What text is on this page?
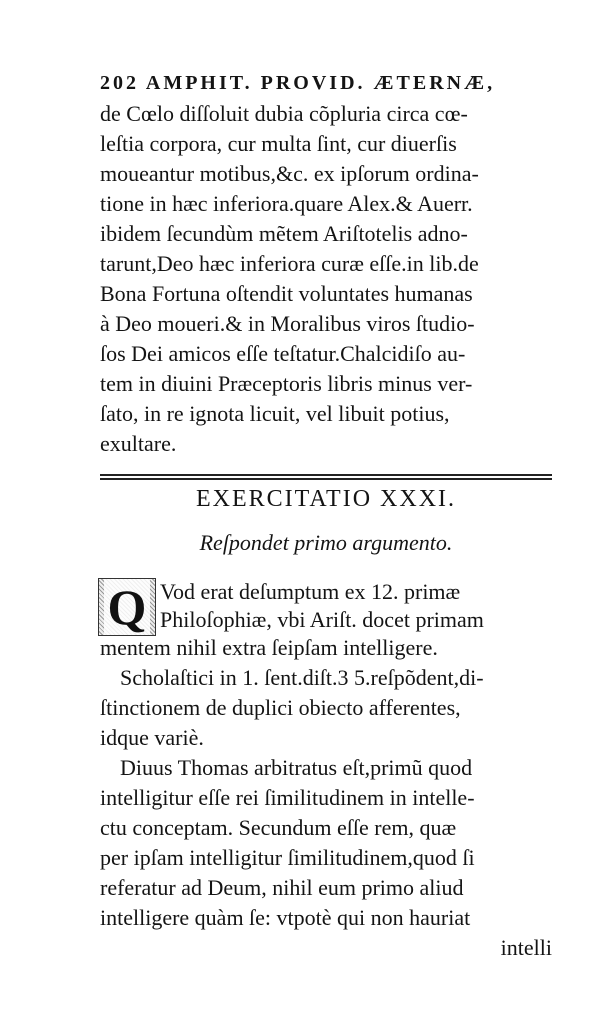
202 AMPHIT. PROVID. ÆTERNÆ,
de Cœlo diſſoluit dubia cõpluria circa cœ-
leſtia corpora, cur multa ſint, cur diuerſis
moueantur motibus,&c. ex ipſorum ordina-
tione in hæc inferiora.quare Alex.& Auerr.
ibidem ſecundùm mẽtem Ariſtotelis adno-
tarunt,Deo hæc inferiora curæ eſſe.in lib.de
Bona Fortuna oſtendit voluntates humanas
à Deo moueri.& in Moralibus viros ſtudio-
ſos Dei amicos eſſe teſtatur.Chalcidiſo au-
tem in diuini Præceptoris libris minus ver-
ſato, in re ignota licuit, vel libuit potius,
exultare.
EXERCITATIO XXXI.
Reſpondet primo argumento.
Q Vod erat deſumptum ex 12. primæ
Philoſophiæ, vbi Ariſt. docet primam
mentem nihil extra ſeipſam intelligere.
Scholaſtici in 1. ſent.diſt.3 5.reſpõdent,di-
ſtinctionem de duplici obiecto afferentes,
idque variè.
Diuus Thomas arbitratus eſt,primũ quod
intelligitur eſſe rei ſimilitudinem in intelle-
ctu conceptam. Secundum eſſe rem, quæ
per ipſam intelligitur ſimilitudinem,quod ſi
referatur ad Deum, nihil eum primo aliud
intelligere quàm ſe: vtpotè qui non hauriat
intelli
